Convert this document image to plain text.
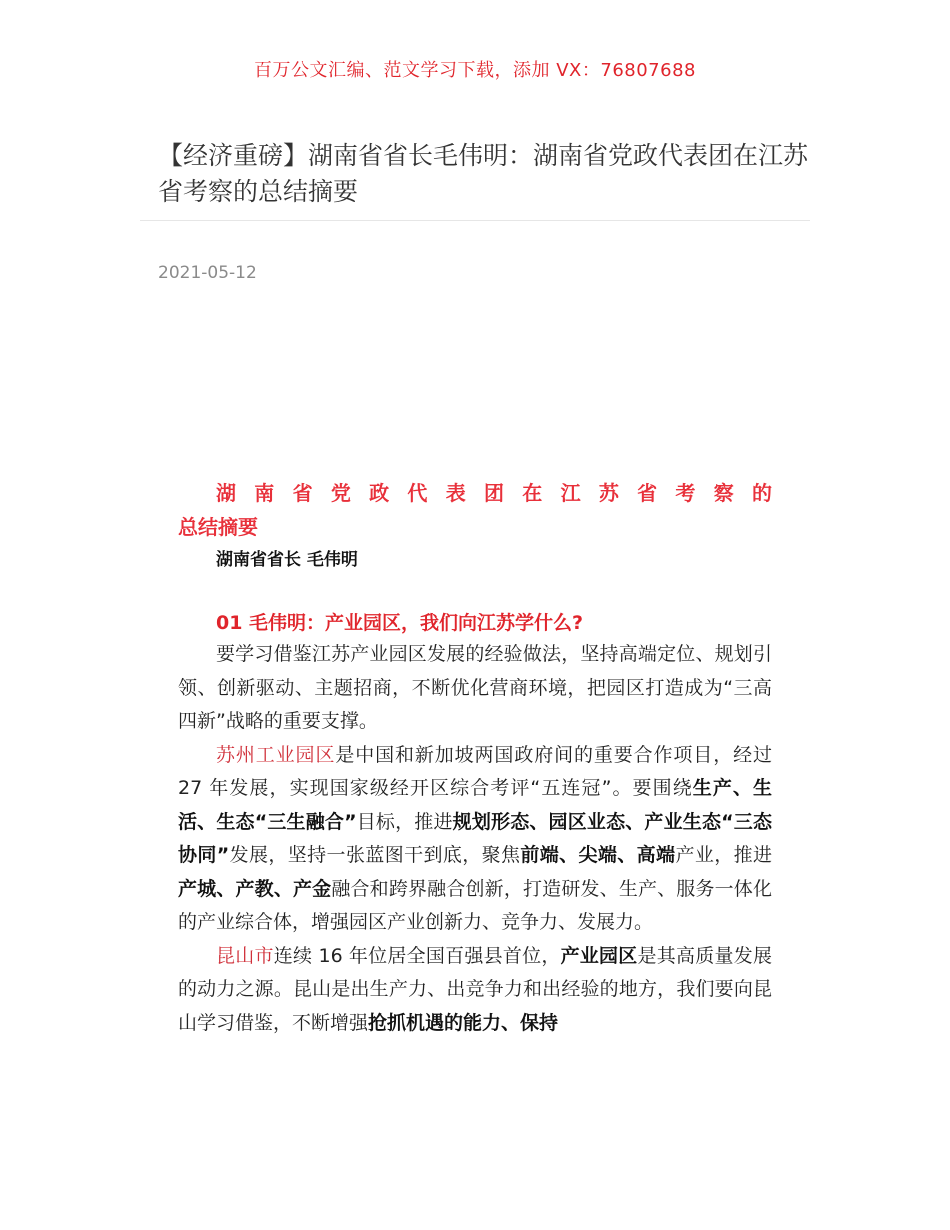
百万公文汇编、范文学习下载，添加 VX：76807688
【经济重磅】湖南省省长毛伟明：湖南省党政代表团在江苏省考察的总结摘要
2021-05-12
湖南省党政代表团在江苏省考察的
总结摘要

湖南省省长 毛伟明

01 毛伟明：产业园区，我们向江苏学什么?

要学习借鉴江苏产业园区发展的经验做法，坚持高端定位、规划引领、创新驱动、主题招商，不断优化营商环境，把园区打造成为“三高四新”战略的重要支撑。

苏州工业园区是中国和新加坡两国政府间的重要合作项目，经过 27 年发展，实现国家级经开区综合考评“五连冠”。要围绕生产、生活、生态“三生融合”目标，推进规划形态、园区业态、产业生态“三态协同”发展，坚持一张蓝图干到底，聚焦前端、尖端、高端产业，推进产城、产教、产金融合和跨界融合创新，打造研发、生产、服务一体化的产业综合体，增强园区产业创新力、竞争力、发展力。

昆山市连续 16 年位居全国百强县首位，产业园区是其高质量发展的动力之源。昆山是出生产力、出竞争力和出经验的地方，我们要向昆山学习借鉴，不断增强抢抓机遇的能力、保持
